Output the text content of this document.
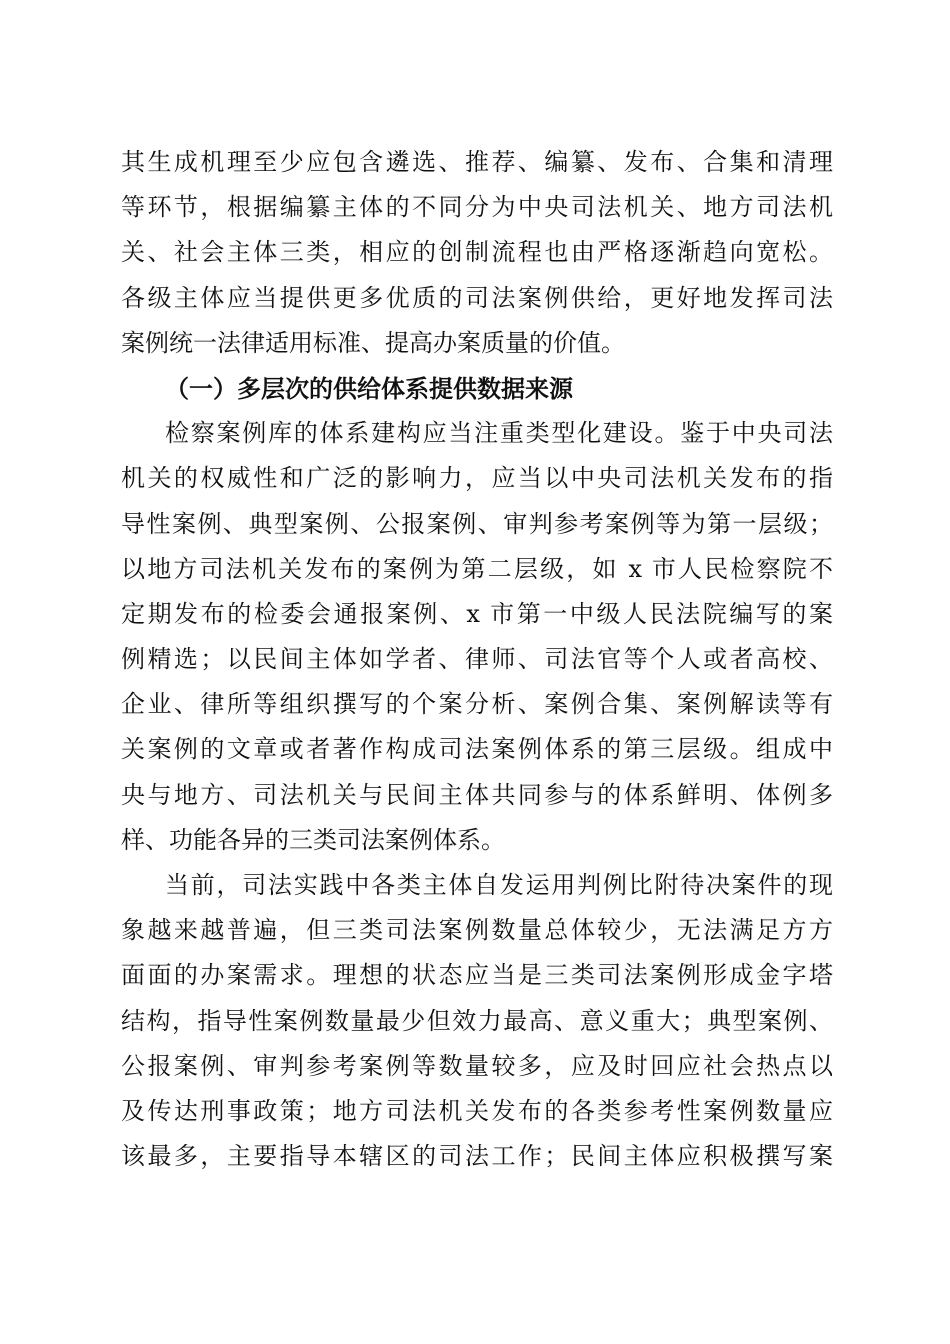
其生成机理至少应包含遴选、推荐、编纂、发布、合集和清理
等环节，根据编纂主体的不同分为中央司法机关、地方司法机
关、社会主体三类，相应的创制流程也由严格逐渐趋向宽松。
各级主体应当提供更多优质的司法案例供给，更好地发挥司法
案例统一法律适用标准、提高办案质量的价值。
（一）多层次的供给体系提供数据来源
检察案例库的体系建构应当注重类型化建设。鉴于中央司法
机关的权威性和广泛的影响力，应当以中央司法机关发布的指
导性案例、典型案例、公报案例、审判参考案例等为第一层级；
以地方司法机关发布的案例为第二层级，如 x 市人民检察院不
定期发布的检委会通报案例、x 市第一中级人民法院编写的案
例精选；以民间主体如学者、律师、司法官等个人或者高校、
企业、律所等组织撰写的个案分析、案例合集、案例解读等有
关案例的文章或者著作构成司法案例体系的第三层级。组成中
央与地方、司法机关与民间主体共同参与的体系鲜明、体例多
样、功能各异的三类司法案例体系。
当前，司法实践中各类主体自发运用判例比附待决案件的现
象越来越普遍，但三类司法案例数量总体较少，无法满足方方
面面的办案需求。理想的状态应当是三类司法案例形成金字塔
结构，指导性案例数量最少但效力最高、意义重大；典型案例、
公报案例、审判参考案例等数量较多，应及时回应社会热点以
及传达刑事政策；地方司法机关发布的各类参考性案例数量应
该最多，主要指导本辖区的司法工作；民间主体应积极撰写案
